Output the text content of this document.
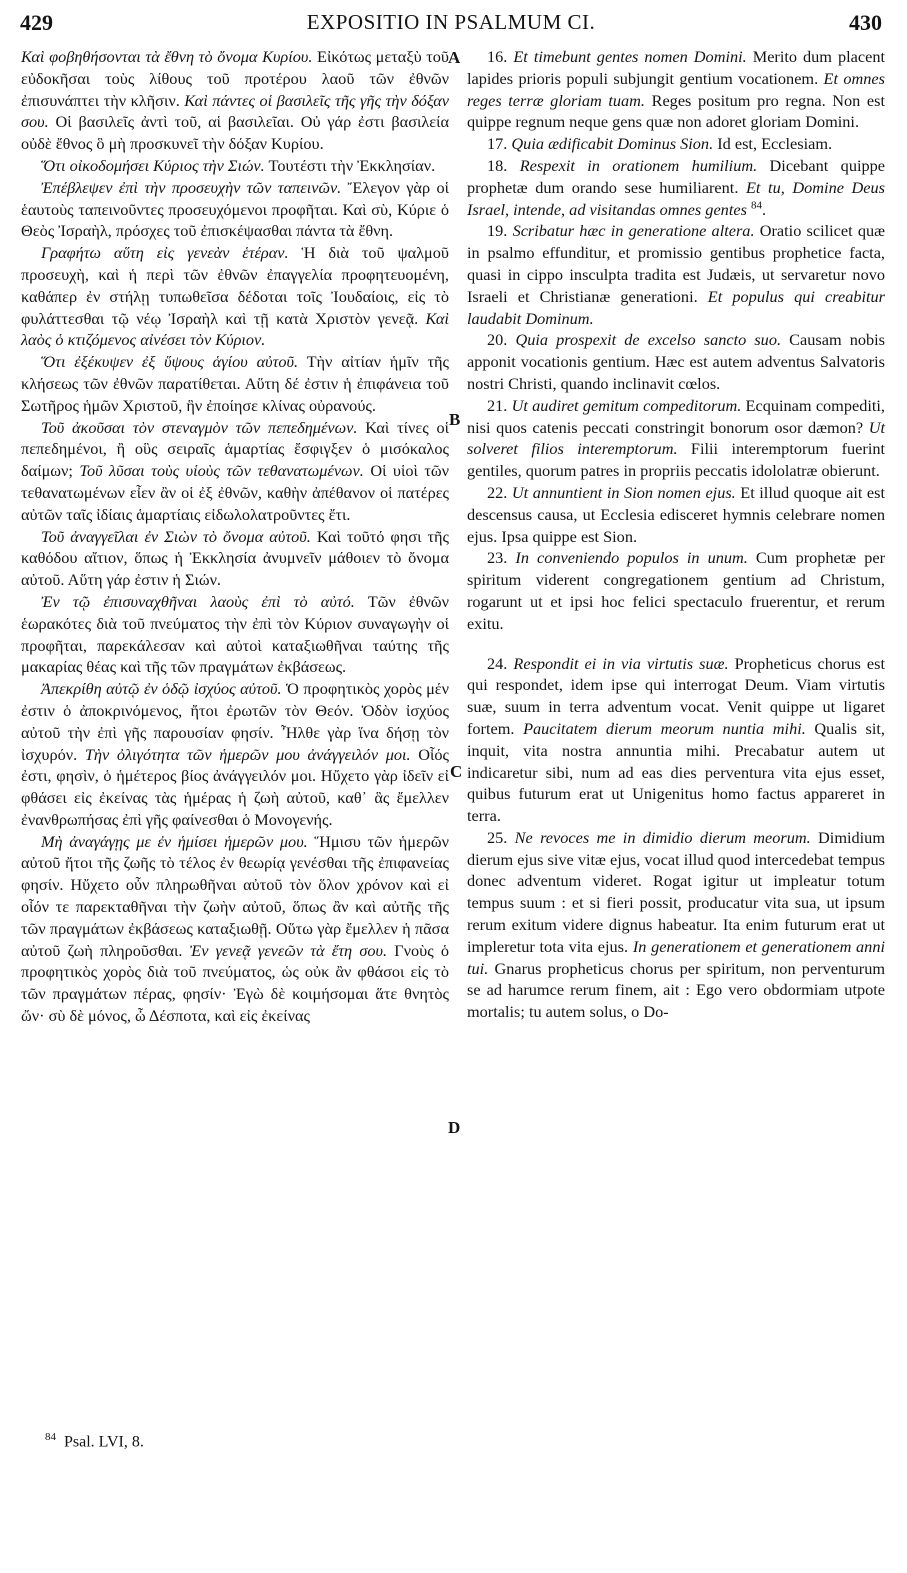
429	EXPOSITIO IN PSALMUM CI.	430

Καὶ φοβηθήσονται τὰ ἔθνη τὸ ὄνομα Κυρίου. Εἰκότως μεταξὺ τοῦ εὐδοκῆσαι τοὺς λίθους τοῦ προτέρου λαοῦ τῶν ἐθνῶν ἐπισυνάπτει τὴν κλῆσιν. Καὶ πάντες οἱ βασιλεῖς τῆς γῆς τὴν δόξαν σου. Οἱ βασιλεῖς ἀντὶ τοῦ, αἱ βασιλεῖαι. Οὐ γάρ ἐστι βασιλεία οὐδὲ ἔθνος ὃ μὴ προσκυνεῖ τὴν δόξαν Κυρίου.

Ὅτι οἰκοδομήσει Κύριος τὴν Σιών. Τουτέστι τὴν Ἐκκλησίαν.

Ἐπέβλεψεν ἐπὶ τὴν προσευχὴν τῶν ταπεινῶν. Ἔλεγον γὰρ οἱ ἑαυτοὺς ταπεινοῦντες προσευχόμενοι προφῆται. Καὶ σὺ, Κύριε ὁ Θεὸς Ἰσραὴλ, πρόσχες τοῦ ἐπισκέψασθαι πάντα τὰ ἔθνη.

Γραφήτω αὕτη εἰς γενεὰν ἑτέραν. Ἡ διὰ τοῦ ψαλμοῦ προσευχὴ, καὶ ἡ περὶ τῶν ἐθνῶν ἐπαγγελία προφητευομένη, καθάπερ ἐν στήλῃ τυπωθεῖσα δέδοται τοῖς Ἰουδαίοις, εἰς τὸ φυλάττεσθαι τῷ νέῳ Ἰσραὴλ καὶ τῇ κατὰ Χριστὸν γενεᾷ. Καὶ λαὸς ὁ κτιζόμενος αἰνέσει τὸν Κύριον.

Ὅτι ἐξέκυψεν ἐξ ὕψους ἁγίου αὐτοῦ. Τὴν αἰτίαν ἡμῖν τῆς κλήσεως τῶν ἐθνῶν παρατίθεται. Αὕτη δέ ἐστιν ἡ ἐπιφάνεια τοῦ Σωτῆρος ἡμῶν Χριστοῦ, ἣν ἐποίησε κλίνας οὐρανούς.

Τοῦ ἀκοῦσαι τὸν στεναγμὸν τῶν πεπεδημένων. Καὶ τίνες οἱ πεπεδημένοι, ἢ οὓς σειραῖς ἁμαρτίας ἔσφιγξεν ὁ μισόκαλος δαίμων; Τοῦ λῦσαι τοὺς υἱοὺς τῶν τεθανατωμένων. Οἱ υἱοὶ τῶν τεθανατωμένων εἶεν ἂν οἱ ἐξ ἐθνῶν, καθὴν ἀπέθανον οἱ πατέρες αὐτῶν ταῖς ἰδίαις ἁμαρτίαις εἰδωλολατροῦντες ἔτι.

Τοῦ ἀναγγεῖλαι ἐν Σιὼν τὸ ὄνομα αὐτοῦ. Καὶ τοῦτό φησι τῆς καθόδου αἴτιον, ὅπως ἡ Ἐκκλησία ἀνυμνεῖν μάθοιεν τὸ ὄνομα αὐτοῦ. Αὕτη γάρ ἐστιν ἡ Σιών.

Ἐν τῷ ἐπισυναχθῆναι λαοὺς ἐπὶ τὸ αὐτό. Τῶν ἐθνῶν ἑωρακότες διὰ τοῦ πνεύματος τὴν ἐπὶ τὸν Κύριον συναγωγὴν οἱ προφῆται, παρεκάλεσαν καὶ αὐτοὶ καταξιωθῆναι ταύτης τῆς μακαρίας θέας καὶ τῆς τῶν πραγμάτων ἐκβάσεως.

Ἀπεκρίθη αὐτῷ ἐν ὁδῷ ἰσχύος αὐτοῦ. Ὁ προφητικὸς χορὸς μέν ἐστιν ὁ ἀποκρινόμενος, ἤτοι ἐρωτῶν τὸν Θεόν. Ὁδὸν ἰσχύος αὐτοῦ τὴν ἐπὶ γῆς παρουσίαν φησίν. Ἦλθε γὰρ ἵνα δήσῃ τὸν ἰσχυρόν. Τὴν ὀλιγότητα τῶν ἡμερῶν μου ἀνάγγειλόν μοι. Οἷός ἐστι, φησὶν, ὁ ἡμέτερος βίος ἀνάγγειλόν μοι. Ηὔχετο γὰρ ἰδεῖν εἰ φθάσει εἰς ἐκείνας τὰς ἡμέρας ἡ ζωὴ αὐτοῦ, καθ᾽ ἃς ἔμελλεν ἐνανθρωπήσας ἐπὶ γῆς φαίνεσθαι ὁ Μονογενής.

Μὴ ἀναγάγῃς με ἐν ἡμίσει ἡμερῶν μου. Ἥμισυ τῶν ἡμερῶν αὐτοῦ ἤτοι τῆς ζωῆς τὸ τέλος ἐν θεωρίᾳ γενέσθαι τῆς ἐπιφανείας φησίν. Ηὔχετο οὖν πληρωθῆναι αὐτοῦ τὸν ὅλον χρόνον καὶ εἰ οἷόν τε παρεκταθῆναι τὴν ζωὴν αὐτοῦ, ὅπως ἂν καὶ αὐτῆς τῆς τῶν πραγμάτων ἐκβάσεως καταξιωθῇ. Οὕτω γὰρ ἔμελλεν ἡ πᾶσα αὐτοῦ ζωὴ πληροῦσθαι. Ἐν γενεᾷ γενεῶν τὰ ἔτη σου. Γνοὺς ὁ προφητικὸς χορὸς διὰ τοῦ πνεύματος, ὡς οὐκ ἂν φθάσοι εἰς τὸ τῶν πραγμάτων πέρας, φησίν· Ἐγὼ δὲ κοιμήσομαι ἅτε θνητὸς ὤν· σὺ δὲ μόνος, ὦ Δέσποτα, καὶ εἰς ἐκείνας

A
B
C
D

16. Et timebunt gentes nomen Domini. Merito dum placent lapides prioris populi subjungit gentium vocationem. Et omnes reges terræ gloriam tuam. Reges positum pro regna. Non est quippe regnum neque gens quæ non adoret gloriam Domini.

17. Quia ædificabit Dominus Sion. Id est, Ecclesiam.

18. Respexit in orationem humilium. Dicebant quippe prophetæ dum orando sese humiliarent. Et tu, Domine Deus Israel, intende, ad visitandas omnes gentes $^{84}$.

19. Scribatur hæc in generatione altera. Oratio scilicet quæ in psalmo effunditur, et promissio gentibus prophetice facta, quasi in cippo insculpta tradita est Judæis, ut servaretur novo Israeli et Christianæ generationi. Et populus qui creabitur laudabit Dominum.

20. Quia prospexit de excelso sancto suo. Causam nobis apponit vocationis gentium. Hæc est autem adventus Salvatoris nostri Christi, quando inclinavit cœlos.

21. Ut audiret gemitum compeditorum. Ecquinam compediti, nisi quos catenis peccati constringit bonorum osor dæmon? Ut solveret filios interemptorum. Filii interemptorum fuerint gentiles, quorum patres in propriis peccatis idololatræ obierunt.

22. Ut annuntient in Sion nomen ejus. Et illud quoque ait est descensus causa, ut Ecclesia edisceret hymnis celebrare nomen ejus. Ipsa quippe est Sion.

23. In conveniendo populos in unum. Cum prophetæ per spiritum viderent congregationem gentium ad Christum, rogarunt ut et ipsi hoc felici spectaculo fruerentur, et rerum exitu.

24. Respondit ei in via virtutis suæ. Propheticus chorus est qui respondet, idem ipse qui interrogat Deum. Viam virtutis suæ, suum in terra adventum vocat. Venit quippe ut ligaret fortem. Paucitatem dierum meorum nuntia mihi. Qualis sit, inquit, vita nostra annuntia mihi. Precabatur autem ut indicaretur sibi, num ad eas dies perventura vita ejus esset, quibus futurum erat ut Unigenitus homo factus appareret in terra.

25. Ne revoces me in dimidio dierum meorum. Dimidium dierum ejus sive vitæ ejus, vocat illud quod intercedebat tempus donec adventum videret. Rogat igitur ut impleatur totum tempus suum : et si fieri possit, producatur vita sua, ut ipsum rerum exitum videre dignus habeatur. Ita enim futurum erat ut impleretur tota vita ejus. In generationem et generationem anni tui. Gnarus propheticus chorus per spiritum, non perventurum se ad harumce rerum finem, ait : Ego vero obdormiam utpote mortalis; tu autem solus, o Do-

$^{84}$ Psal. LVI, 8.
